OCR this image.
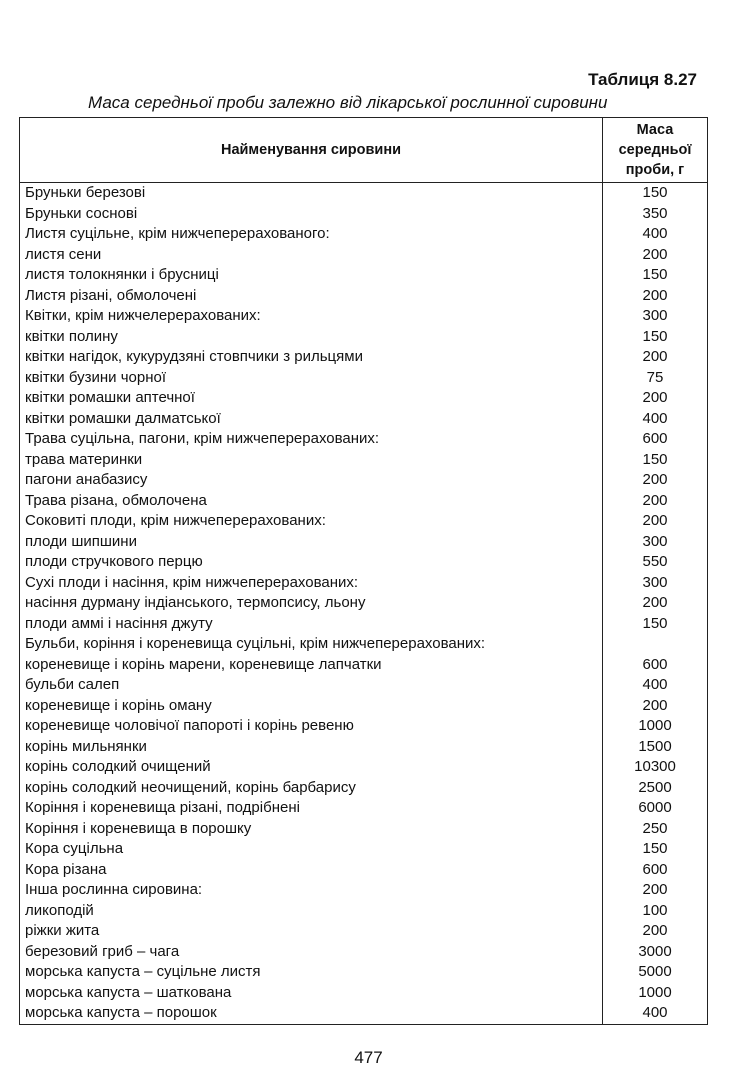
Таблиця 8.27
Маса середньої проби залежно від лікарської рослинної сировини
Найменування сировини	Маса
середньої
проби, г

Бруньки березові	150
Бруньки соснові	350
Листя суцільне, крім нижчеперерахованого:	400
листя сени	200
листя толокнянки і брусниці	150
Листя різані, обмолочені	200
Квітки, крім нижчелерерахованих:	300
квітки полину	150
квітки нагідок, кукурудзяні стовпчики з рильцями	200
квітки бузини чорної	75
квітки ромашки аптечної	200
квітки ромашки далматської	400
Трава суцільна, пагони, крім нижчеперерахованих:	600
трава материнки	150
пагони анабазису	200
Трава різана, обмолочена	200
Соковиті плоди, крім нижчеперерахованих:	200
плоди шипшини	300
плоди стручкового перцю	550
Сухі плоди і насіння, крім нижчеперерахованих:	300
насіння дурману індіанського, термопсису, льону	200
плоди аммі і насіння джуту	150
Бульби, коріння і кореневища суцільні, крім нижчеперерахованих:	
кореневище і корінь марени, кореневище лапчатки	600
бульби салеп	400
кореневище і корінь оману	200
кореневище чоловічої папороті і корінь ревеню	1000
корінь мильнянки	1500
корінь солодкий очищений	10300
корінь солодкий неочищений, корінь барбарису	2500
Коріння і кореневища різані, подрібнені	6000
Коріння і кореневища в порошку	250
Кора суцільна	150
Кора різана	600
Інша рослинна сировина:	200
ликоподій	100
ріжки жита	200
березовий гриб – чага	3000
морська капуста – суцільне листя	5000
морська капуста – шаткована	1000
морська капуста – порошок	400
477
